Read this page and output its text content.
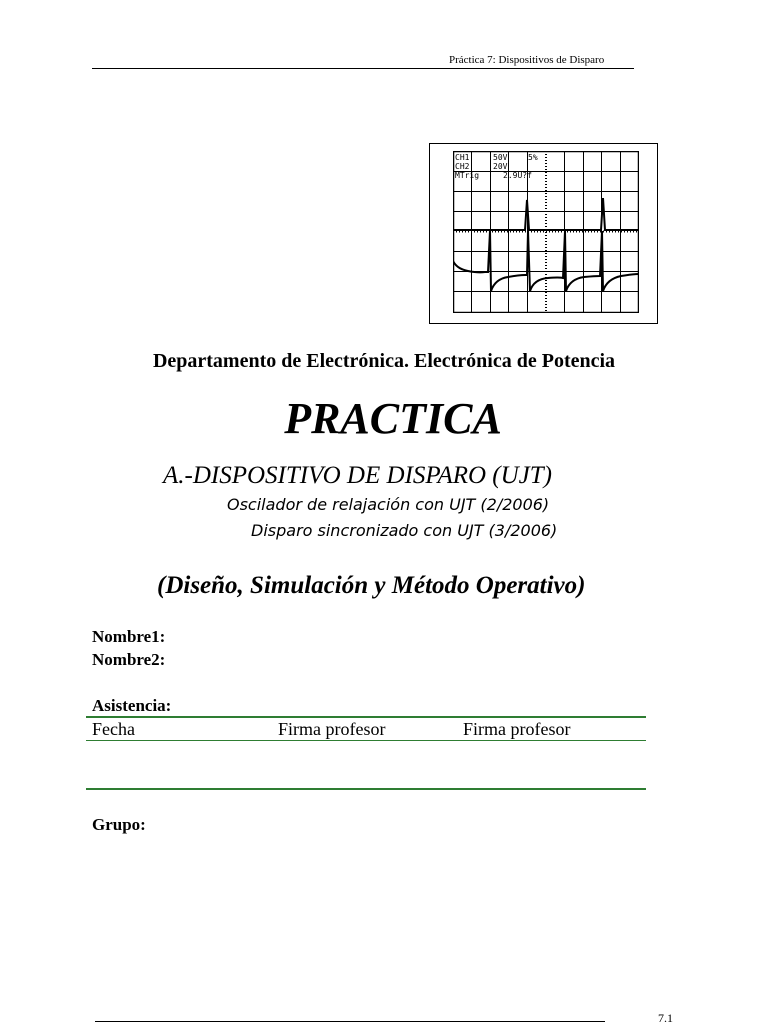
Práctica 7: Dispositivos de Disparo
CH1	50V	5%
CH2	20V
MTrig	2.9U?f
Departamento de Electrónica. Electrónica de Potencia
PRACTICA
A.-DISPOSITIVO DE DISPARO (UJT)
Oscilador de relajación con UJT (2/2006)
Disparo sincronizado con UJT (3/2006)
(Diseño, Simulación y Método Operativo)
Nombre1:
Nombre2:
Asistencia:
Fecha	Firma profesor	Firma profesor
Grupo:
7.1
